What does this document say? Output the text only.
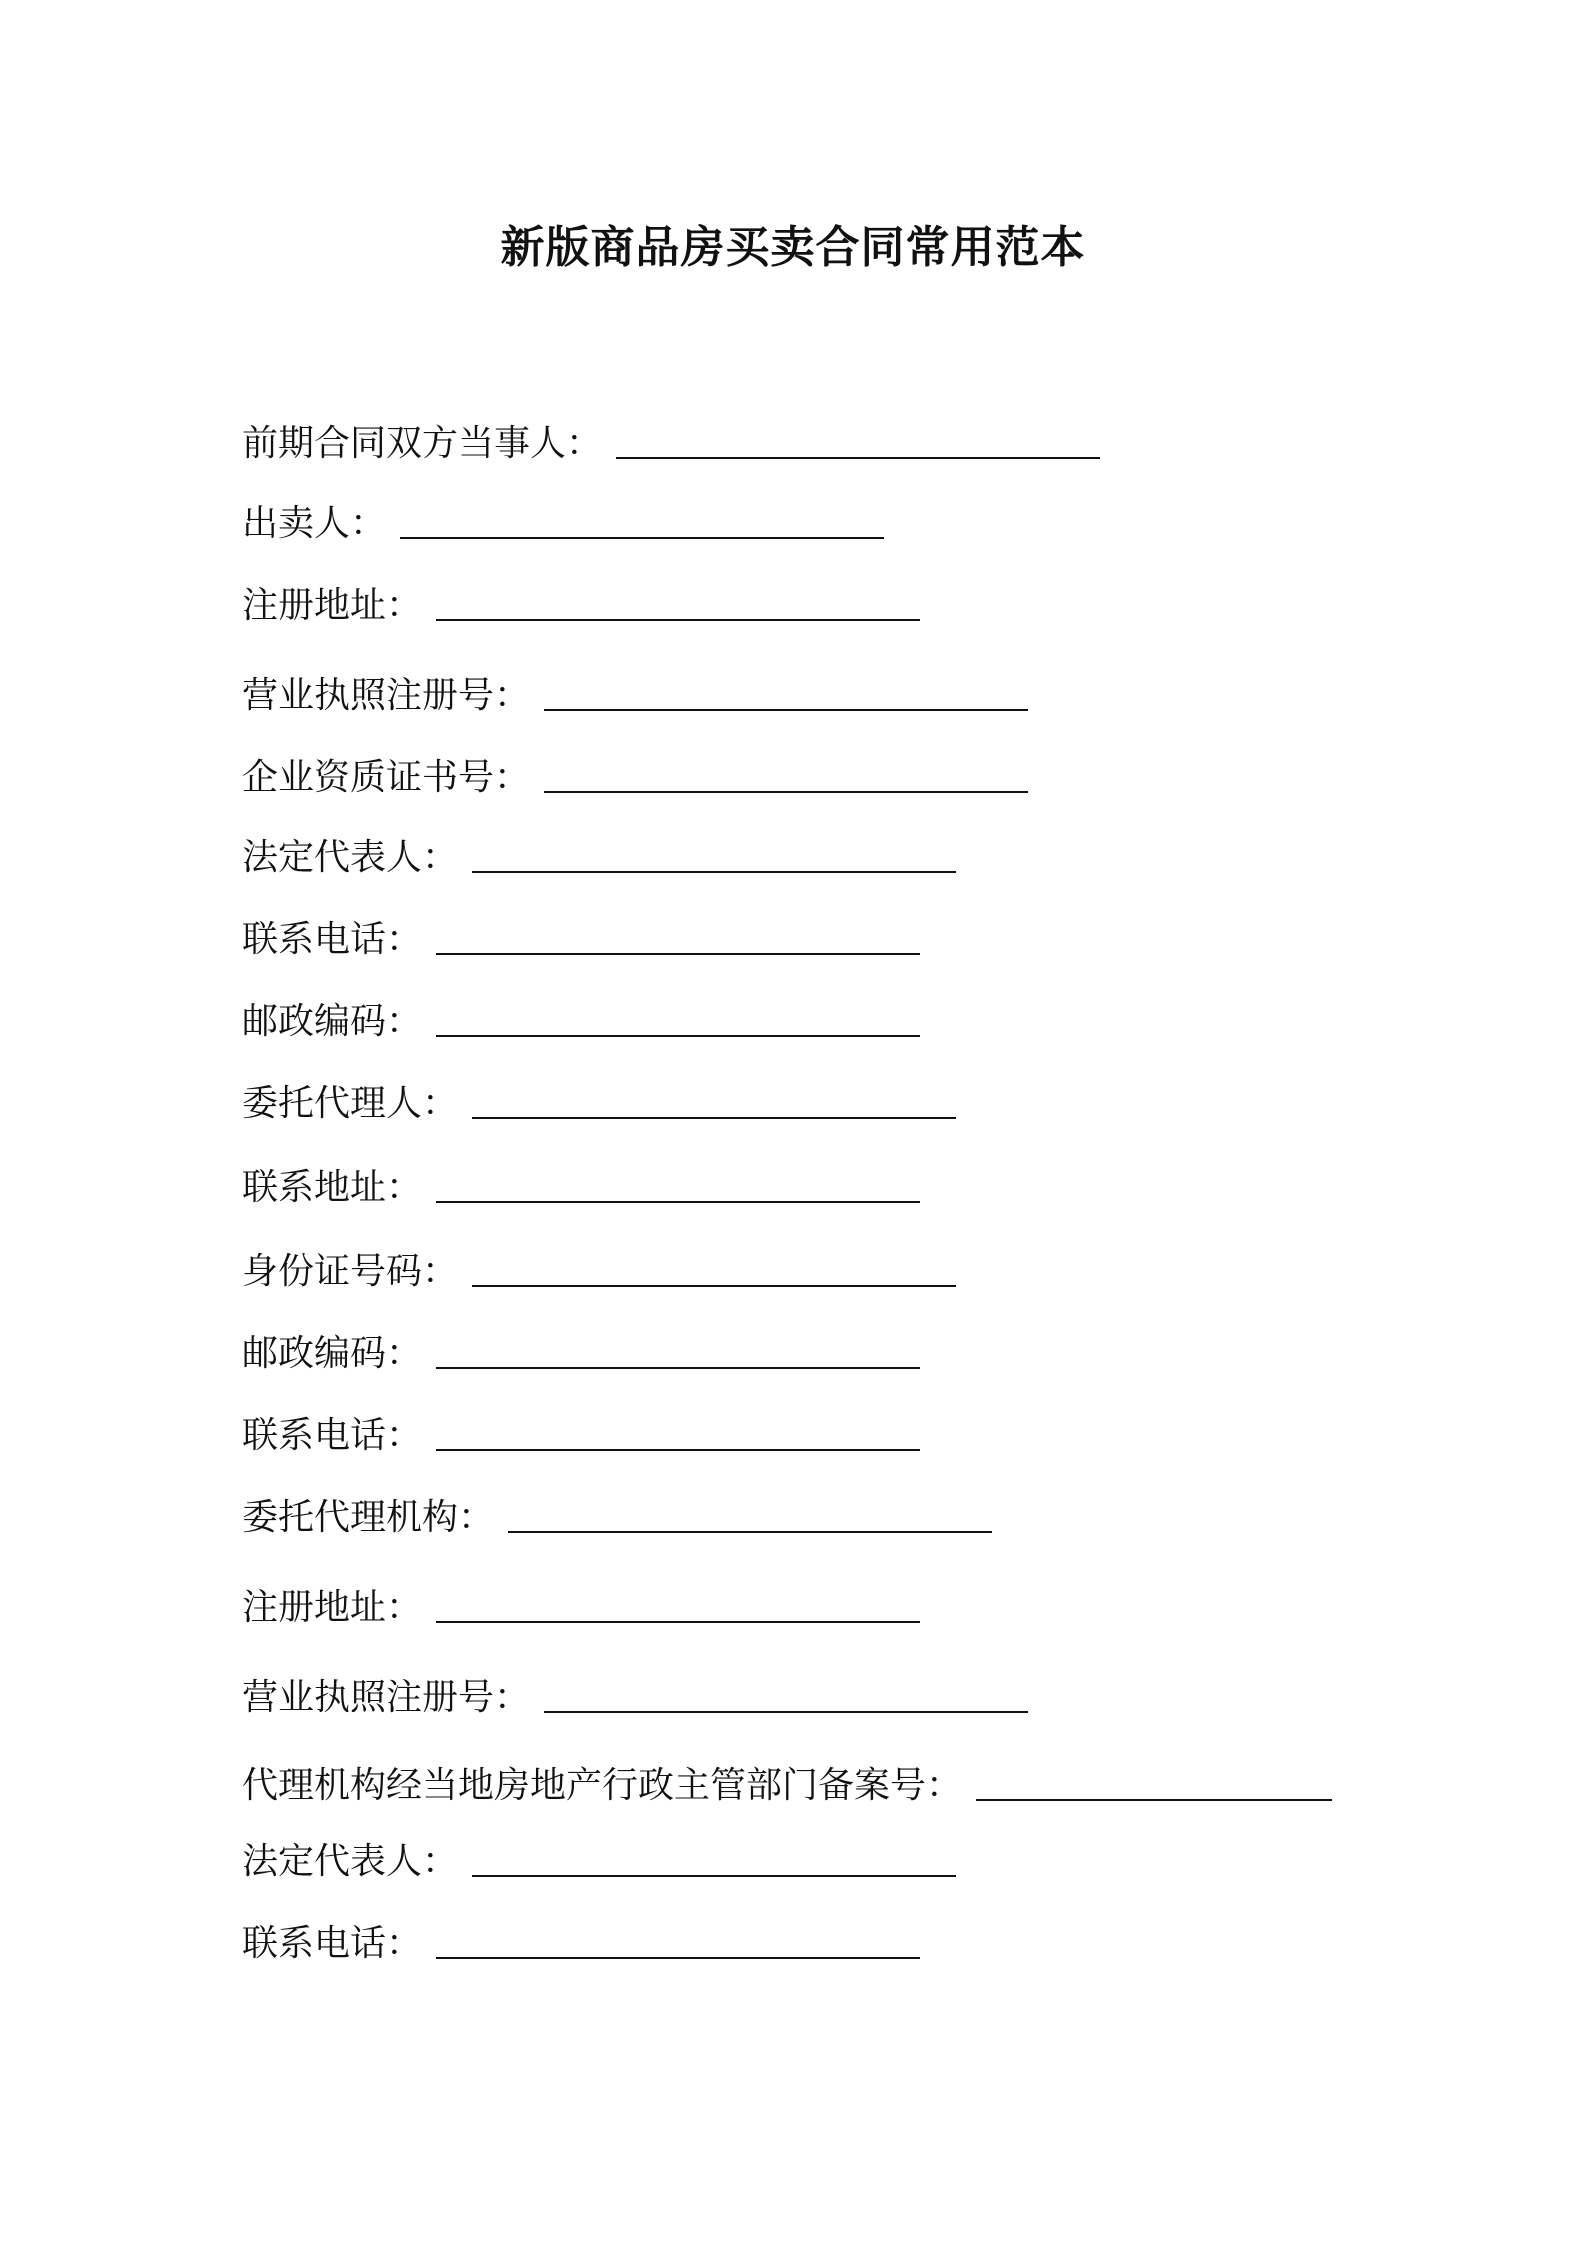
新版商品房买卖合同常用范本
前期合同双方当事人：
出卖人：
注册地址：
营业执照注册号：
企业资质证书号：
法定代表人：
联系电话：
邮政编码：
委托代理人：
联系地址：
身份证号码：
邮政编码：
联系电话：
委托代理机构：
注册地址：
营业执照注册号：
代理机构经当地房地产行政主管部门备案号：
法定代表人：
联系电话：
